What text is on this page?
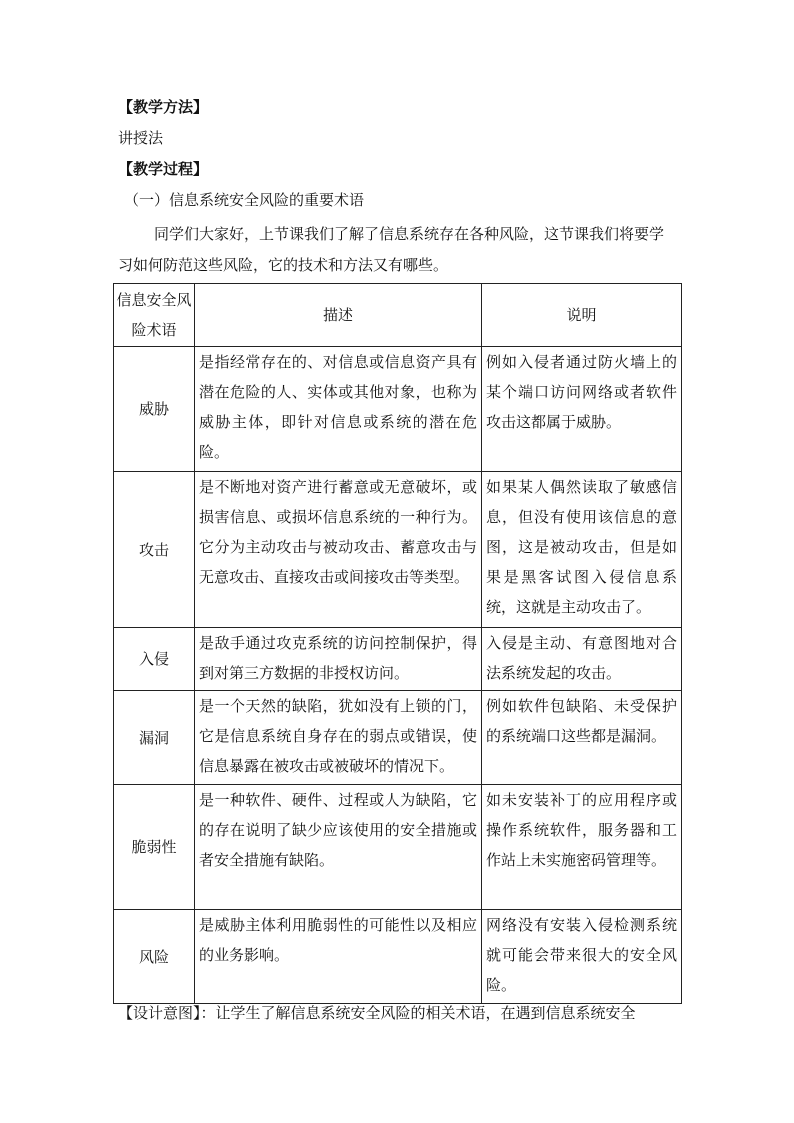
【教学方法】
讲授法
【教学过程】
（一）信息系统安全风险的重要术语
同学们大家好，上节课我们了解了信息系统存在各种风险，这节课我们将要学习如何防范这些风险，它的技术和方法又有哪些。
信息安全风险术语	描述	说明
威胁	是指经常存在的、对信息或信息资产具有潜在危险的人、实体或其他对象，也称为威胁主体，即针对信息或系统的潜在危险。	例如入侵者通过防火墙上的某个端口访问网络或者软件攻击这都属于威胁。
攻击	是不断地对资产进行蓄意或无意破坏，或损害信息、或损坏信息系统的一种行为。它分为主动攻击与被动攻击、蓄意攻击与无意攻击、直接攻击或间接攻击等类型。	如果某人偶然读取了敏感信息，但没有使用该信息的意图，这是被动攻击，但是如果是黑客试图入侵信息系统，这就是主动攻击了。
入侵	是敌手通过攻克系统的访问控制保护，得到对第三方数据的非授权访问。	入侵是主动、有意图地对合法系统发起的攻击。
漏洞	是一个天然的缺陷，犹如没有上锁的门，它是信息系统自身存在的弱点或错误，使信息暴露在被攻击或被破坏的情况下。	例如软件包缺陷、未受保护的系统端口这些都是漏洞。
脆弱性	是一种软件、硬件、过程或人为缺陷，它的存在说明了缺少应该使用的安全措施或者安全措施有缺陷。	如未安装补丁的应用程序或操作系统软件，服务器和工作站上未实施密码管理等。
风险	是威胁主体利用脆弱性的可能性以及相应的业务影响。	网络没有安装入侵检测系统就可能会带来很大的安全风险。
【设计意图】：让学生了解信息系统安全风险的相关术语，在遇到信息系统安全
